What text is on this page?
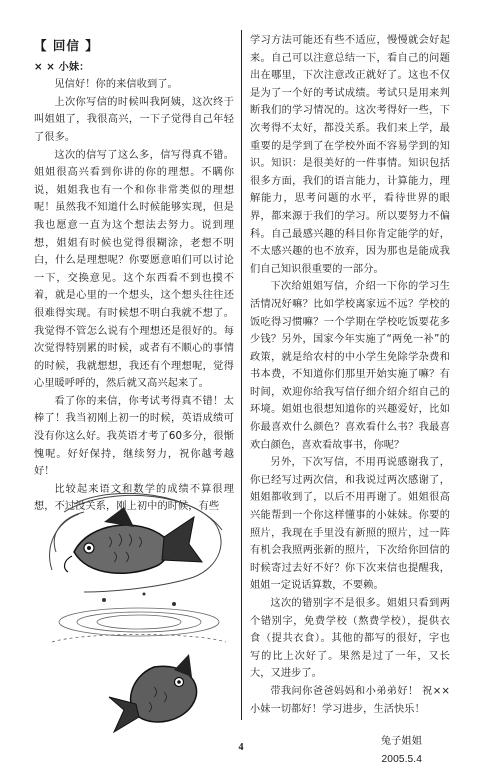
【 回信 】
× × 小妹：

见信好！你的来信收到了。

上次你写信的时候叫我阿姨，这次终于叫姐姐了，我很高兴，一下子觉得自己年轻了很多。

这次的信写了这么多，信写得真不错。姐姐很高兴看到你讲的你的理想。不瞒你说，姐姐我也有一个和你非常类似的理想呢！虽然我不知道什么时候能够实现，但是我也愿意一直为这个想法去努力。说到理想，姐姐有时候也觉得很糊涂，老想不明白，什么是理想呢？你要愿意咱们可以讨论一下，交换意见。这个东西看不到也摸不着，就是心里的一个想头，这个想头往往还很难得实现。有时候想不明白我就不想了。我觉得不管怎么说有个理想还是很好的。每次觉得特别累的时候，或者有不顺心的事情的时候，我就想想，我还有个理想呢，觉得心里暖呼呼的，然后就又高兴起来了。

看了你的来信，你考试考得真不错！太棒了！我当初刚上初一的时候，英语成绩可没有你这么好。我英语才考了60多分，很惭愧呢。好好保持，继续努力，祝你越考越好！

比较起来语文和数学的成绩不算很理想，不过没关系，刚上初中的时候，有些

学习方法可能还有些不适应，慢慢就会好起来。自己可以注意总结一下，看自己的问题出在哪里，下次注意改正就好了。这也不仅是为了一个好的考试成绩。考试只是用来判断我们的学习情况的。这次考得好一些，下次考得不太好，都没关系。我们来上学，最重要的是学到了在学校外面不容易学到的知识。知识：是很美好的一件事情。知识包括很多方面，我们的语言能力，计算能力，理解能力，思考问题的水平，看待世界的眼界，都来源于我们的学习。所以要努力不偏科。自己最感兴趣的科目你肯定能学的好，不太感兴趣的也不放弃，因为那也是能成我们自己知识很重要的一部分。

下次给姐姐写信，介绍一下你的学习生活情况好嘛？比如学校离家远不远？学校的饭吃得习惯嘛？一个学期在学校吃饭要花多少钱？另外，国家今年实施了“两免一补”的政策，就是给农村的中小学生免除学杂费和书本费，不知道你们那里开始实施了嘛？有时间，欢迎你给我写信仔细介绍介绍自己的环境。姐姐也很想知道你的兴趣爱好，比如你最喜欢什么颜色？喜欢看什么书？我最喜欢白颜色，喜欢看故事书，你呢？

另外，下次写信，不用再说感谢我了，你已经写过两次信，和我说过两次感谢了，姐姐都收到了，以后不用再谢了。姐姐很高兴能帮到一个你这样懂事的小妹妹。你要的照片，我现在手里没有新照的照片，过一阵有机会我照两张新的照片，下次给你回信的时候寄过去好不好？你下次来信也提醒我，姐姐一定说话算数，不要赖。

这次的错别字不是很多。姐姐只看到两个错别字，免费学校（熬费学校），提供衣食（提共衣食）。其他的都写的很好，字也写的比上次好了。果然是过了一年，又长大，又进步了。

带我问你爸爸妈妈和小弟弟好！ 祝××小妹一切都好！学习进步，生活快乐！

兔子姐姐
2005.5.4
4
